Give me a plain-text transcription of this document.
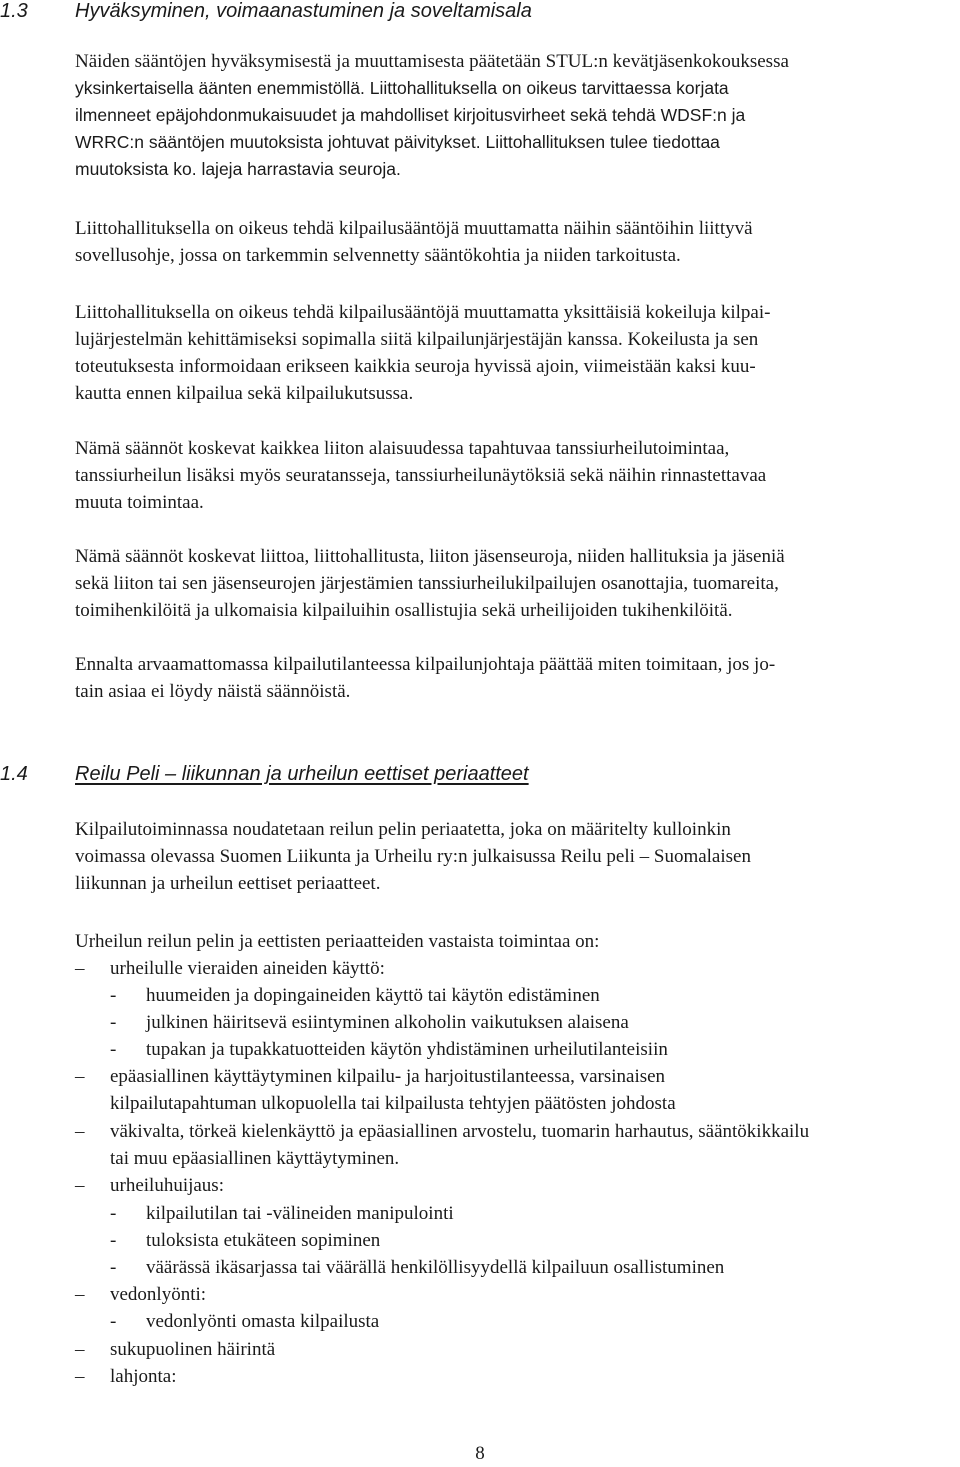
1.3 Hyväksyminen, voimaanastuminen ja soveltamisala
Näiden sääntöjen hyväksymisestä ja muuttamisesta päätetään STUL:n kevätjäsenkokouksessa
yksinkertaisella äänten enemmistöllä. Liittohallituksella on oikeus tarvittaessa korjata
ilmenneet epäjohdonmukaisuudet ja mahdolliset kirjoitusvirheet sekä tehdä WDSF:n ja
WRRC:n sääntöjen muutoksista johtuvat päivitykset. Liittohallituksen tulee tiedottaa
muutoksista ko. lajeja harrastavia seuroja.
Liittohallituksella on oikeus tehdä kilpailusääntöjä muuttamatta näihin sääntöihin liittyvä
sovellusohje, jossa on tarkemmin selvennetty sääntökohtia ja niiden tarkoitusta.
Liittohallituksella on oikeus tehdä kilpailusääntöjä muuttamatta yksittäisiä kokeiluja kilpai-
lujärjestelmän kehittämiseksi sopimalla siitä kilpailunjärjestäjän kanssa. Kokeilusta ja sen
toteutuksesta informoidaan erikseen kaikkia seuroja hyvissä ajoin, viimeistään kaksi kuu-
kautta ennen kilpailua sekä kilpailukutsussa.
Nämä säännöt koskevat kaikkea liiton alaisuudessa tapahtuvaa tanssiurheilutoimintaa,
tanssiurheilun lisäksi myös seuratansseja, tanssiurheilunäytöksiä sekä näihin rinnastettavaa
muuta toimintaa.
Nämä säännöt koskevat liittoa, liittohallitusta, liiton jäsenseuroja, niiden hallituksia ja jäseniä
sekä liiton tai sen jäsenseurojen järjestämien tanssiurheilukilpailujen osanottajia, tuomareita,
toimihenkilöitä ja ulkomaisia kilpailuihin osallistujia sekä urheilijoiden tukihenkilöitä.
Ennalta arvaamattomassa kilpailutilanteessa kilpailunjohtaja päättää miten toimitaan, jos jo-
tain asiaa ei löydy näistä säännöistä.
1.4 Reilu Peli – liikunnan ja urheilun eettiset periaatteet
Kilpailutoiminnassa noudatetaan reilun pelin periaatetta, joka on määritelty kulloinkin
voimassa olevassa Suomen Liikunta ja Urheilu ry:n julkaisussa Reilu peli – Suomalaisen
liikunnan ja urheilun eettiset periaatteet.
Urheilun reilun pelin ja eettisten periaatteiden vastaista toimintaa on:
– urheilulle vieraiden aineiden käyttö:
- huumeiden ja dopingaineiden käyttö tai käytön edistäminen
- julkinen häiritsevä esiintyminen alkoholin vaikutuksen alaisena
- tupakan ja tupakkatuotteiden käytön yhdistäminen urheilutilanteisiin
– epäasiallinen käyttäytyminen kilpailu- ja harjoitustilanteessa, varsinaisen
kilpailutapahtuman ulkopuolella tai kilpailusta tehtyjen päätösten johdosta
– väkivalta, törkeä kielenkäyttö ja epäasiallinen arvostelu, tuomarin harhautus, sääntökikkailu
tai muu epäasiallinen käyttäytyminen.
– urheiluhuijaus:
- kilpailutilan tai -välineiden manipulointi
- tuloksista etukäteen sopiminen
- väärässä ikäsarjassa tai väärällä henkilöllisyydellä kilpailuun osallistuminen
– vedonlyönti:
- vedonlyönti omasta kilpailusta
– sukupuolinen häirintä
– lahjonta:
8
